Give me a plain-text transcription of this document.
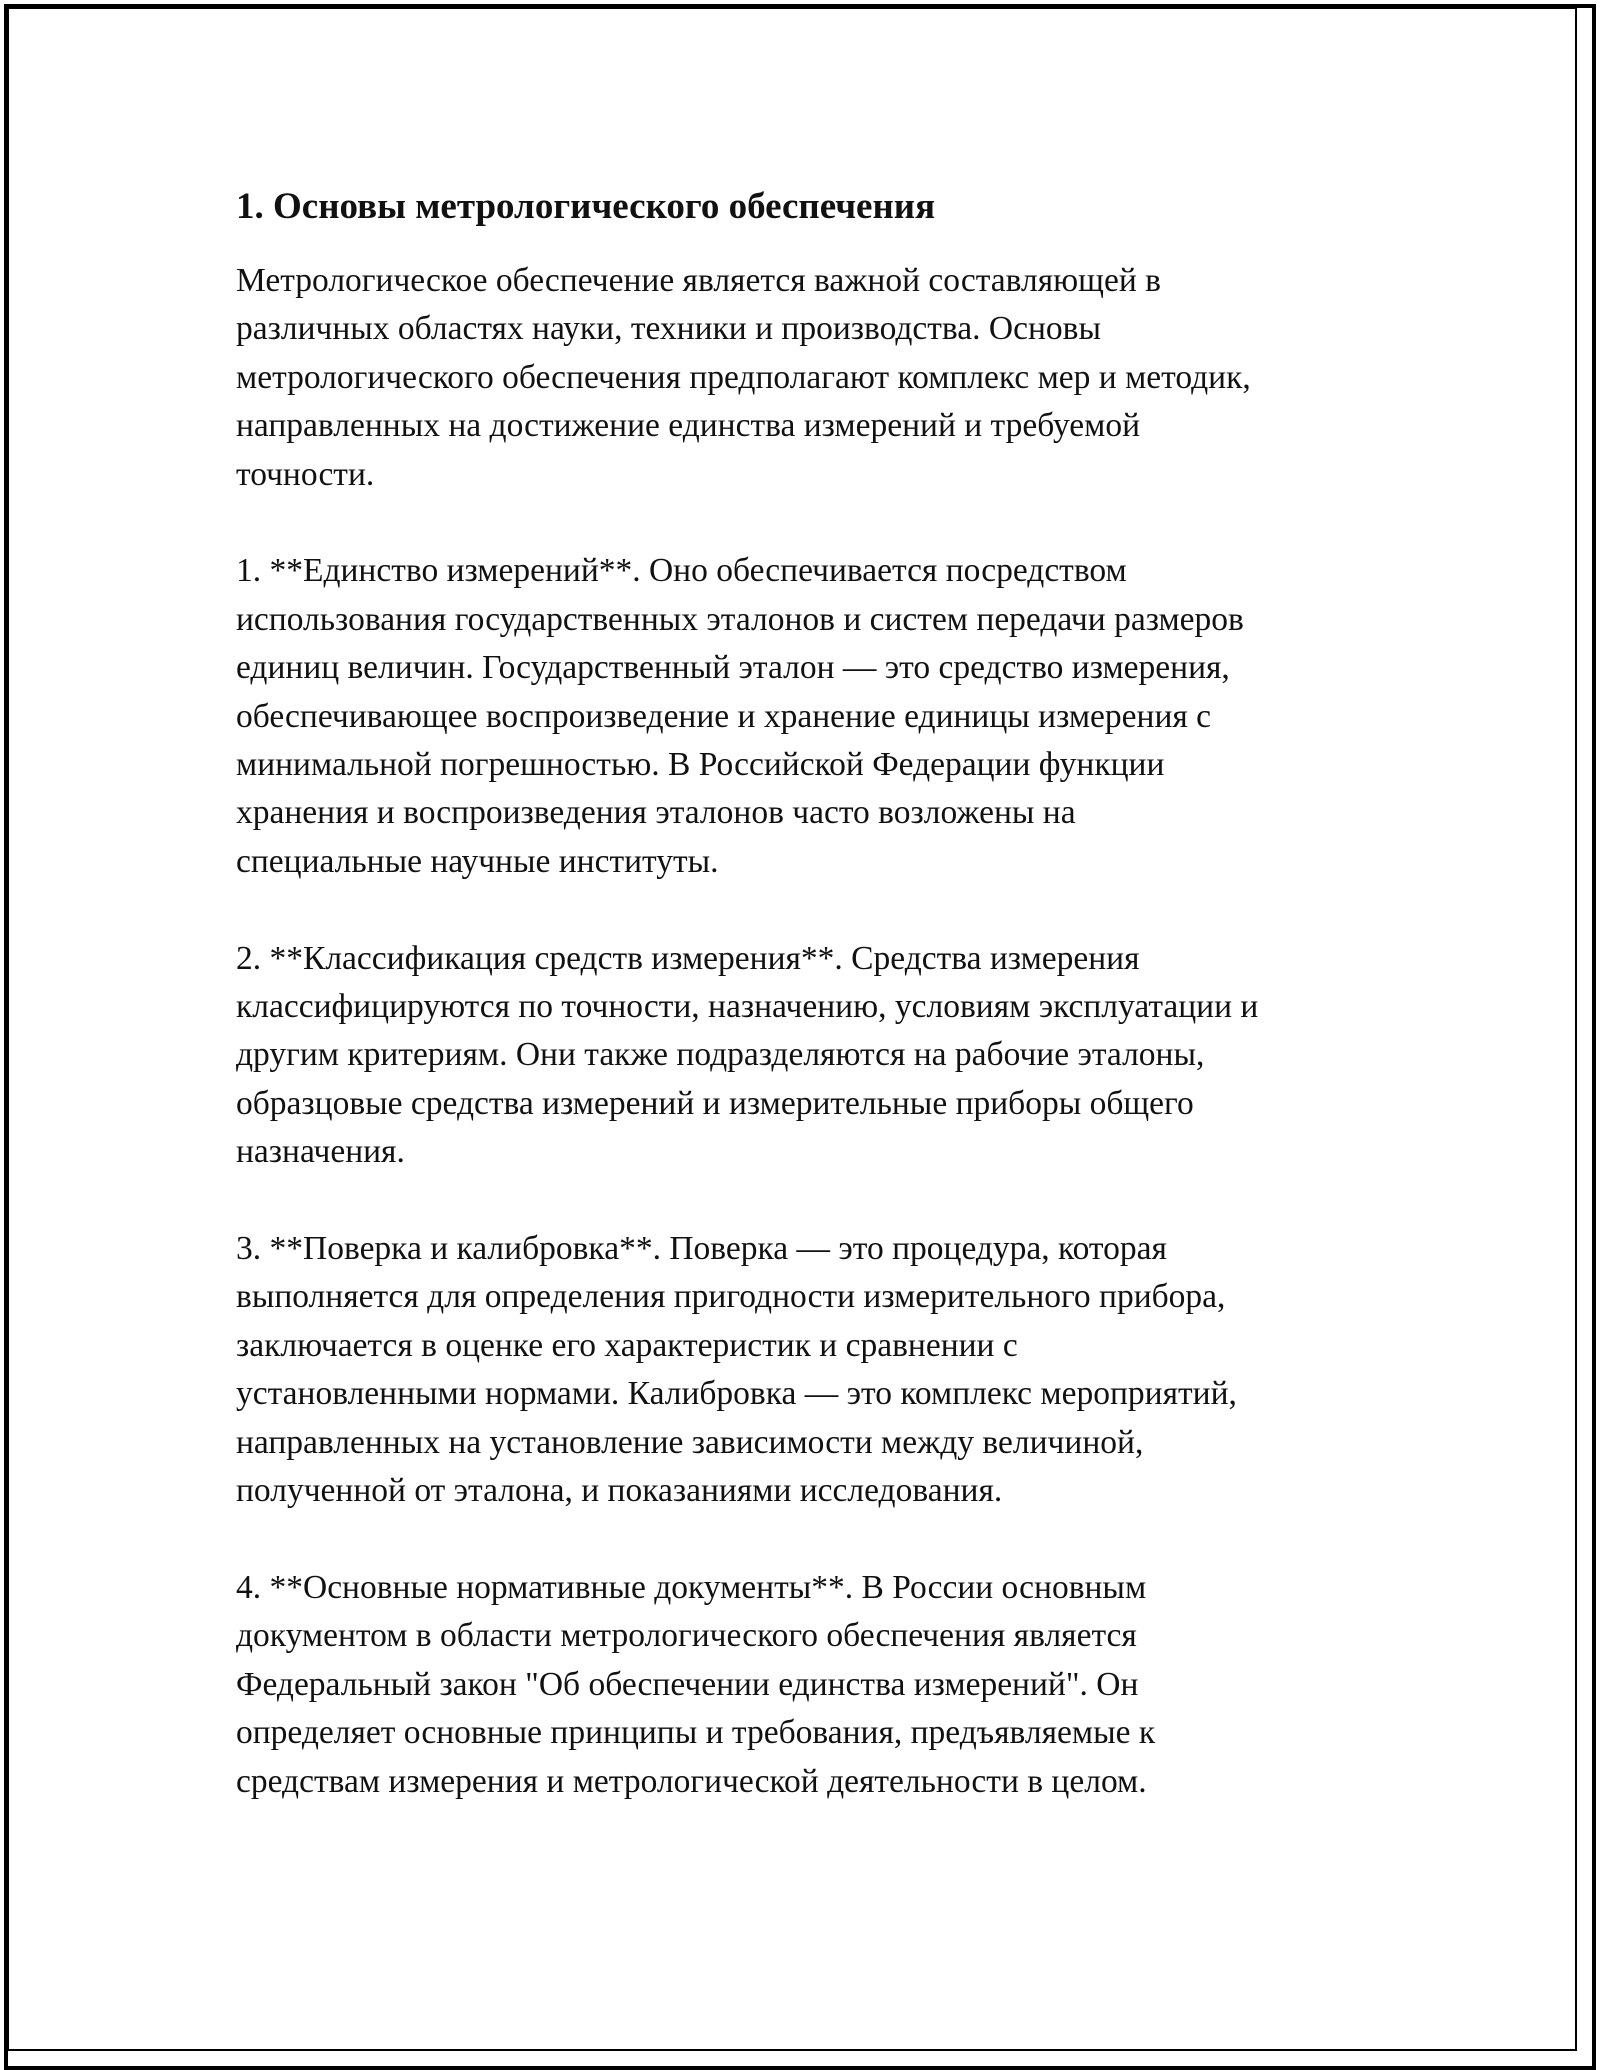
1. Основы метрологического обеспечения
Метрологическое обеспечение является важной составляющей в
различных областях науки, техники и производства. Основы
метрологического обеспечения предполагают комплекс мер и методик,
направленных на достижение единства измерений и требуемой
точности.
1. **Единство измерений**. Оно обеспечивается посредством
использования государственных эталонов и систем передачи размеров
единиц величин. Государственный эталон — это средство измерения,
обеспечивающее воспроизведение и хранение единицы измерения с
минимальной погрешностью. В Российской Федерации функции
хранения и воспроизведения эталонов часто возложены на
специальные научные институты.
2. **Классификация средств измерения**. Средства измерения
классифицируются по точности, назначению, условиям эксплуатации и
другим критериям. Они также подразделяются на рабочие эталоны,
образцовые средства измерений и измерительные приборы общего
назначения.
3. **Поверка и калибровка**. Поверка — это процедура, которая
выполняется для определения пригодности измерительного прибора,
заключается в оценке его характеристик и сравнении с
установленными нормами. Калибровка — это комплекс мероприятий,
направленных на установление зависимости между величиной,
полученной от эталона, и показаниями исследования.
4. **Основные нормативные документы**. В России основным
документом в области метрологического обеспечения является
Федеральный закон "Об обеспечении единства измерений". Он
определяет основные принципы и требования, предъявляемые к
средствам измерения и метрологической деятельности в целом.
